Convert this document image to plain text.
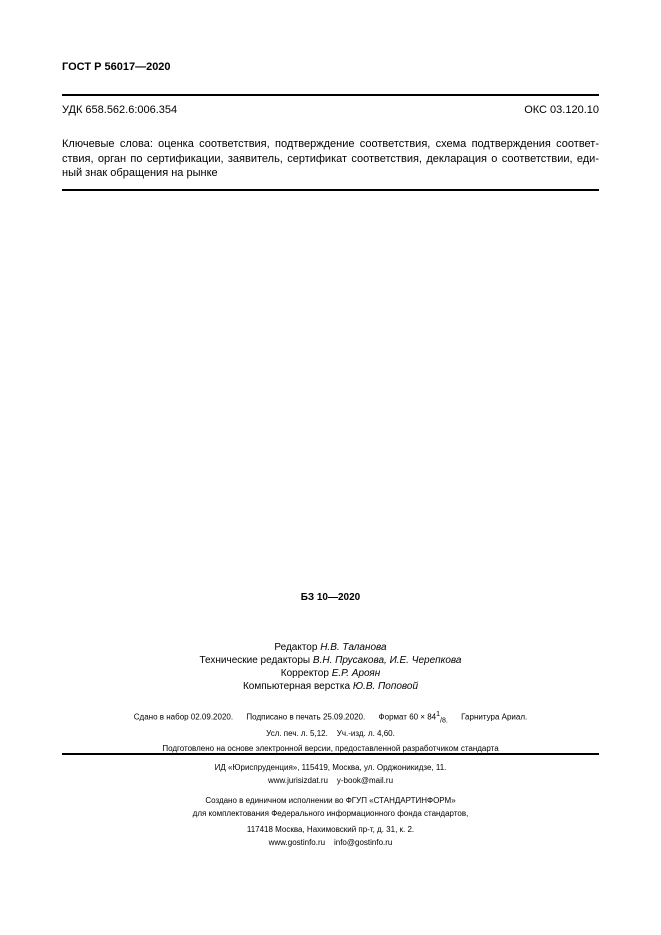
ГОСТ Р 56017—2020
УДК 658.562.6:006.354	ОКС 03.120.10
Ключевые слова: оценка соответствия, подтверждение соответствия, схема подтверждения соответ-
ствия, орган по сертификации, заявитель, сертификат соответствия, декларация о соответствии, еди-
ный знак обращения на рынке
БЗ 10—2020
Редактор Н.В. Таланова
Технические редакторы В.Н. Прусакова, И.Е. Черепкова
Корректор Е.Р. Ароян
Компьютерная верстка Ю.В. Поповой
Сдано в набор 02.09.2020. Подписано в печать 25.09.2020. Формат $60 \times 84^1_{/8.}$ Гарнитура Ариал.
Усл. печ. л. 5,12. Уч.-изд. л. 4,60.
Подготовлено на основе электронной версии, предоставленной разработчиком стандарта
ИД «Юриспруденция», 115419, Москва, ул. Орджоникидзе, 11.
www.jurisizdat.ru y-book@mail.ru
Создано в единичном исполнении во ФГУП «СТАНДАРТИНФОРМ»
для комплектования Федерального информационного фонда стандартов,
117418 Москва, Нахимовский пр-т, д. 31, к. 2.
www.gostinfo.ru info@gostinfo.ru
